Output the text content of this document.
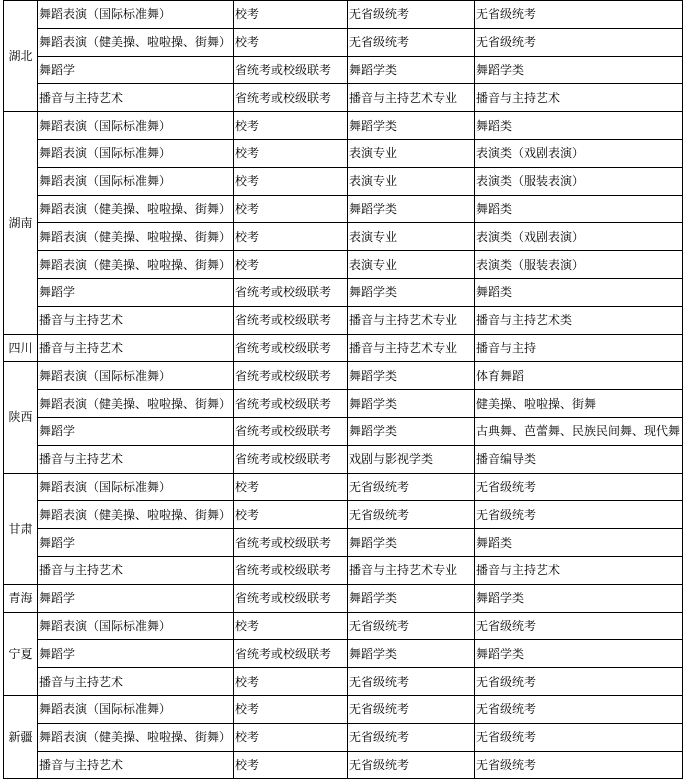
湖北	舞蹈表演（国际标准舞）	校考	无省级统考	无省级统考
	舞蹈表演（健美操、啦啦操、街舞）	校考	无省级统考	无省级统考
	舞蹈学	省统考或校级联考	舞蹈学类	舞蹈学类
	播音与主持艺术	省统考或校级联考	播音与主持艺术专业	播音与主持艺术
湖南	舞蹈表演（国际标准舞）	校考	舞蹈学类	舞蹈类
	舞蹈表演（国际标准舞）	校考	表演专业	表演类（戏剧表演）
	舞蹈表演（国际标准舞）	校考	表演专业	表演类（服装表演）
	舞蹈表演（健美操、啦啦操、街舞）	校考	舞蹈学类	舞蹈类
	舞蹈表演（健美操、啦啦操、街舞）	校考	表演专业	表演类（戏剧表演）
	舞蹈表演（健美操、啦啦操、街舞）	校考	表演专业	表演类（服装表演）
	舞蹈学	省统考或校级联考	舞蹈学类	舞蹈类
	播音与主持艺术	省统考或校级联考	播音与主持艺术专业	播音与主持艺术类
四川	播音与主持艺术	省统考或校级联考	播音与主持艺术专业	播音与主持
陕西	舞蹈表演（国际标准舞）	省统考或校级联考	舞蹈学类	体育舞蹈
	舞蹈表演（健美操、啦啦操、街舞）	省统考或校级联考	舞蹈学类	健美操、啦啦操、街舞
	舞蹈学	省统考或校级联考	舞蹈学类	古典舞、芭蕾舞、民族民间舞、现代舞
	播音与主持艺术	省统考或校级联考	戏剧与影视学类	播音编导类
甘肃	舞蹈表演（国际标准舞）	校考	无省级统考	无省级统考
	舞蹈表演（健美操、啦啦操、街舞）	校考	无省级统考	无省级统考
	舞蹈学	省统考或校级联考	舞蹈学类	舞蹈类
	播音与主持艺术	省统考或校级联考	播音与主持艺术专业	播音与主持艺术
青海	舞蹈学	省统考或校级联考	舞蹈学类	舞蹈学类
宁夏	舞蹈表演（国际标准舞）	校考	无省级统考	无省级统考
	舞蹈学	省统考或校级联考	舞蹈学类	舞蹈学类
	播音与主持艺术	校考	无省级统考	无省级统考
新疆	舞蹈表演（国际标准舞）	校考	无省级统考	无省级统考
	舞蹈表演（健美操、啦啦操、街舞）	校考	无省级统考	无省级统考
	播音与主持艺术	校考	无省级统考	无省级统考
